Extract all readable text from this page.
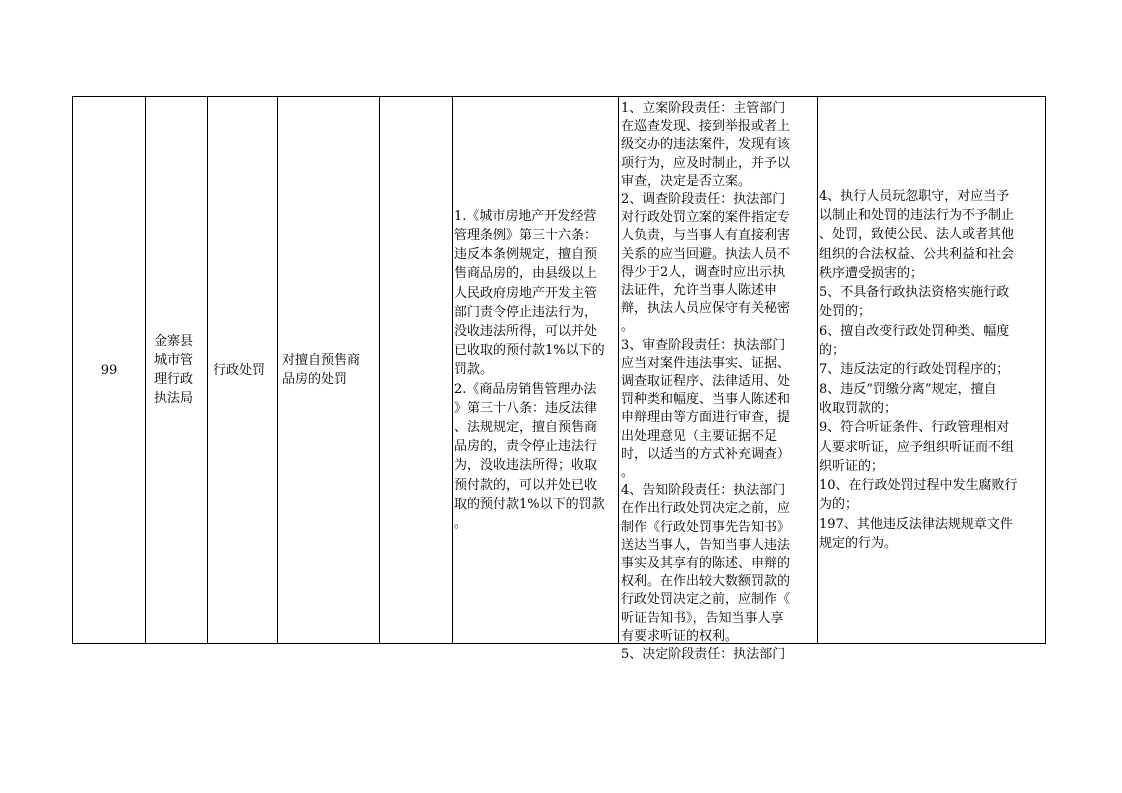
99
金寨县
城市管
理行政
执法局
行政处罚
对擅自预售商
品房的处罚
1.《城市房地产开发经营
管理条例》第三十六条：
违反本条例规定，擅自预
售商品房的，由县级以上
人民政府房地产开发主管
部门责令停止违法行为，
没收违法所得，可以并处
已收取的预付款1%以下的
罚款。
2.《商品房销售管理办法
》第三十八条：违反法律
、法规规定，擅自预售商
品房的，责令停止违法行
为，没收违法所得；收取
预付款的，可以并处已收
取的预付款1%以下的罚款
。
1、立案阶段责任：主管部门
在巡查发现、接到举报或者上
级交办的违法案件，发现有该
项行为，应及时制止，并予以
审查，决定是否立案。
2、调查阶段责任：执法部门
对行政处罚立案的案件指定专
人负责，与当事人有直接利害
关系的应当回避。执法人员不
得少于2人，调查时应出示执
法证件，允许当事人陈述申
辩，执法人员应保守有关秘密
。
3、审查阶段责任：执法部门
应当对案件违法事实、证据、
调查取证程序、法律适用、处
罚种类和幅度、当事人陈述和
申辩理由等方面进行审查，提
出处理意见（主要证据不足
时，以适当的方式补充调查）
。
4、告知阶段责任：执法部门
在作出行政处罚决定之前，应
制作《行政处罚事先告知书》
送达当事人，告知当事人违法
事实及其享有的陈述、申辩的
权利。在作出较大数额罚款的
行政处罚决定之前，应制作《
听证告知书》，告知当事人享
有要求听证的权利。
5、决定阶段责任：执法部门
4、执行人员玩忽职守，对应当予
以制止和处罚的违法行为不予制止
、处罚，致使公民、法人或者其他
组织的合法权益、公共利益和社会
秩序遭受损害的；
5、不具备行政执法资格实施行政
处罚的；
6、擅自改变行政处罚种类、幅度
的；
7、违反法定的行政处罚程序的；
8、违反“罚缴分离”规定，擅自
收取罚款的；
9、符合听证条件、行政管理相对
人要求听证，应予组织听证而不组
织听证的；
10、在行政处罚过程中发生腐败行
为的；
197、其他违反法律法规规章文件
规定的行为。
